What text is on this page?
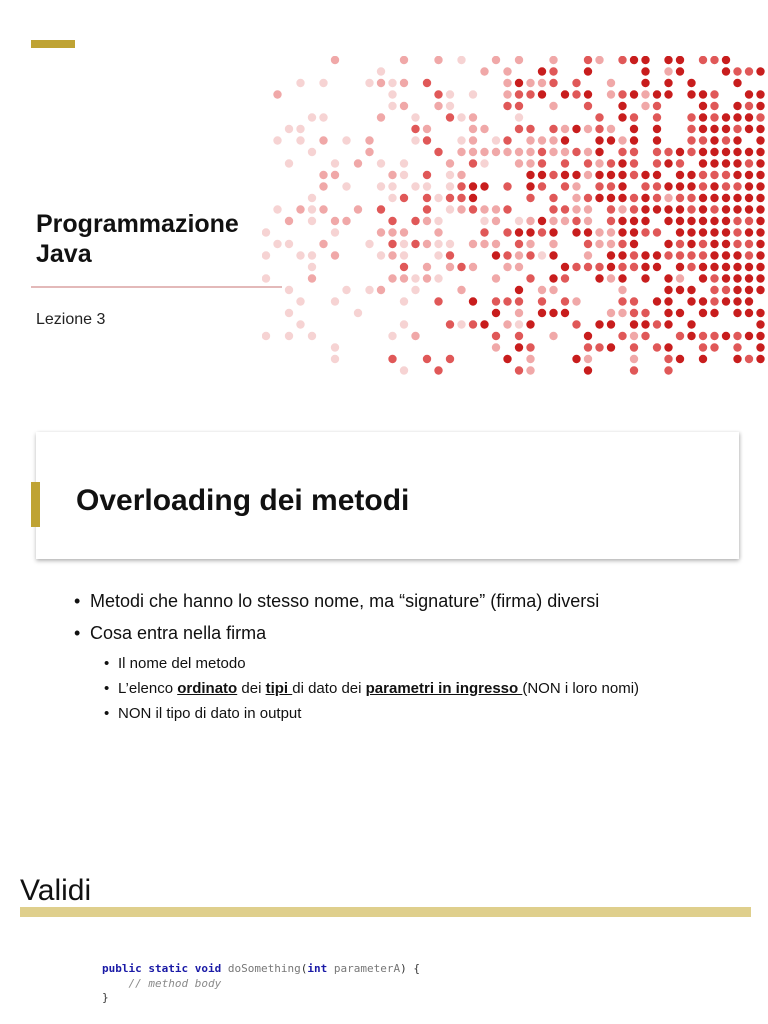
Programmazione
Java
Lezione 3
Overloading dei metodi
• Metodi che hanno lo stesso nome, ma “signature” (firma) diversi
• Cosa entra nella firma
• Il nome del metodo
• L’elenco ordinato dei tipi di dato dei parametri in ingresso (NON i loro nomi)
• NON il tipo di dato in output
Validi
public static void doSomething(int parameterA) {
// method body
}
